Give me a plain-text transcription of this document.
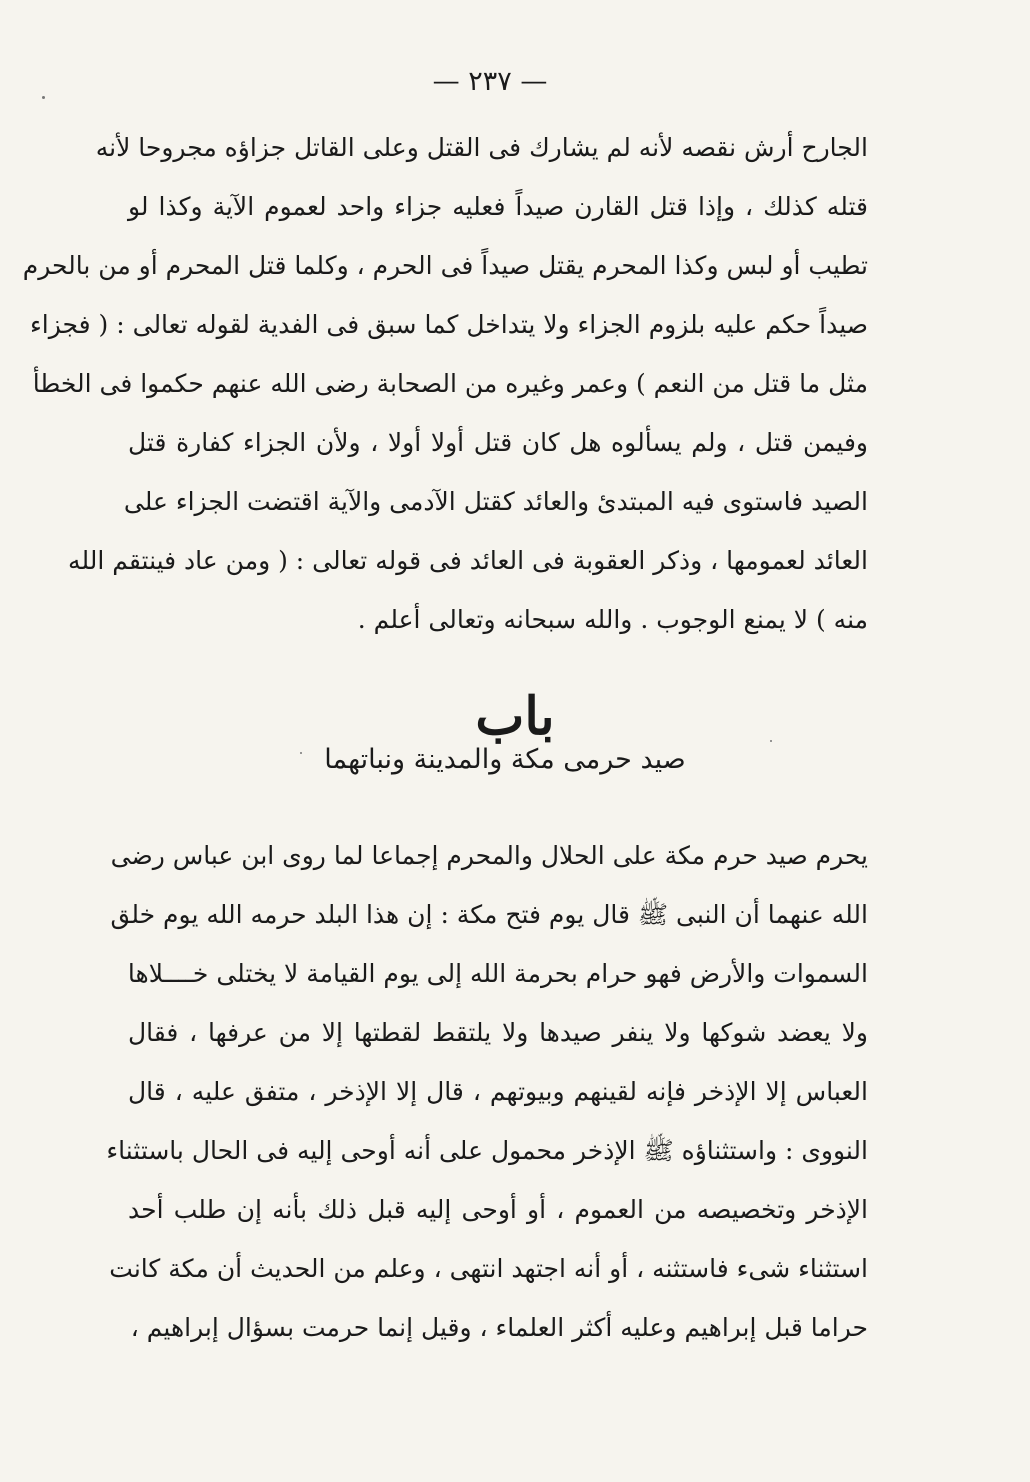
— ٢٣٧ —
الجارح أرش نقصه لأنه لم يشارك فى القتل وعلى القاتل جزاؤه مجروحا لأنه
قتله كذلك ، وإذا قتل القارن صيداً فعليه جزاء واحد لعموم الآية وكذا لو
تطيب أو لبس وكذا المحرم يقتل صيداً فى الحرم ، وكلما قتل المحرم أو من بالحرم
صيداً حكم عليه بلزوم الجزاء ولا يتداخل كما سبق فى الفدية لقوله تعالى : ( فجزاء
مثل ما قتل من النعم ) وعمر وغيره من الصحابة رضى الله عنهم حكموا فى الخطأ
وفيمن قتل ، ولم يسألوه هل كان قتل أولا أولا ، ولأن الجزاء كفارة قتل
الصيد فاستوى فيه المبتدئ والعائد كقتل الآدمى والآية اقتضت الجزاء على
العائد لعمومها ، وذكر العقوبة فى العائد فى قوله تعالى : ( ومن عاد فينتقم الله
منه ) لا يمنع الوجوب . والله سبحانه وتعالى أعلم .
باب
صيد حرمى مكة والمدينة ونباتهما
يحرم صيد حرم مكة على الحلال والمحرم إجماعا لما روى ابن عباس رضى
الله عنهما أن النبى ﷺ قال يوم فتح مكة : إن هذا البلد حرمه الله يوم خلق
السموات والأرض فهو حرام بحرمة الله إلى يوم القيامة لا يختلى خــــلاها
ولا يعضد شوكها ولا ينفر صيدها ولا يلتقط لقطتها إلا من عرفها ، فقال
العباس إلا الإذخر فإنه لقينهم وبيوتهم ، قال إلا الإذخر ، متفق عليه ، قال
النووى : واستثناؤه ﷺ الإذخر محمول على أنه أوحى إليه فى الحال باستثناء
الإذخر وتخصيصه من العموم ، أو أوحى إليه قبل ذلك بأنه إن طلب أحد
استثناء شىء فاستثنه ، أو أنه اجتهد انتهى ، وعلم من الحديث أن مكة كانت
حراما قبل إبراهيم وعليه أكثر العلماء ، وقيل إنما حرمت بسؤال إبراهيم ،
